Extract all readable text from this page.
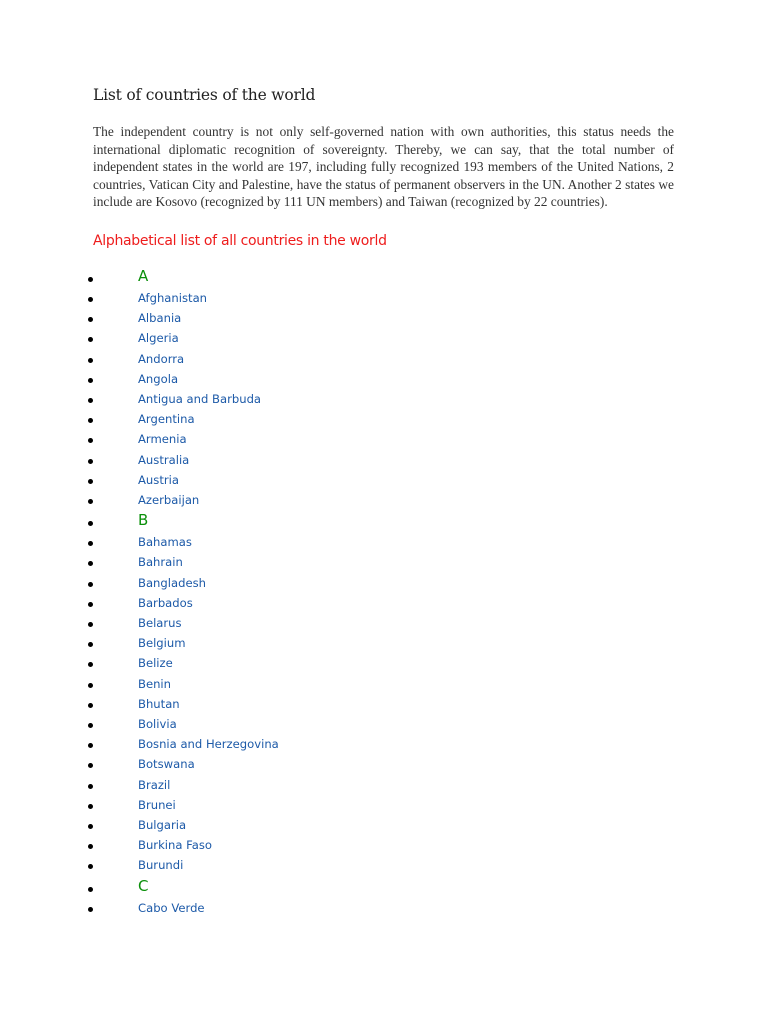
List of countries of the world

The independent country is not only self-governed nation with own authorities, this status needs the international diplomatic recognition of sovereignty. Thereby, we can say, that the total number of independent states in the world are 197, including fully recognized 193 members of the United Nations, 2 countries, Vatican City and Palestine, have the status of permanent observers in the UN. Another 2 states we include are Kosovo (recognized by 111 UN members) and Taiwan (recognized by 22 countries).

Alphabetical list of all countries in the world
A
Afghanistan
Albania
Algeria
Andorra
Angola
Antigua and Barbuda
Argentina
Armenia
Australia
Austria
Azerbaijan
B
Bahamas
Bahrain
Bangladesh
Barbados
Belarus
Belgium
Belize
Benin
Bhutan
Bolivia
Bosnia and Herzegovina
Botswana
Brazil
Brunei
Bulgaria
Burkina Faso
Burundi
C
Cabo Verde
